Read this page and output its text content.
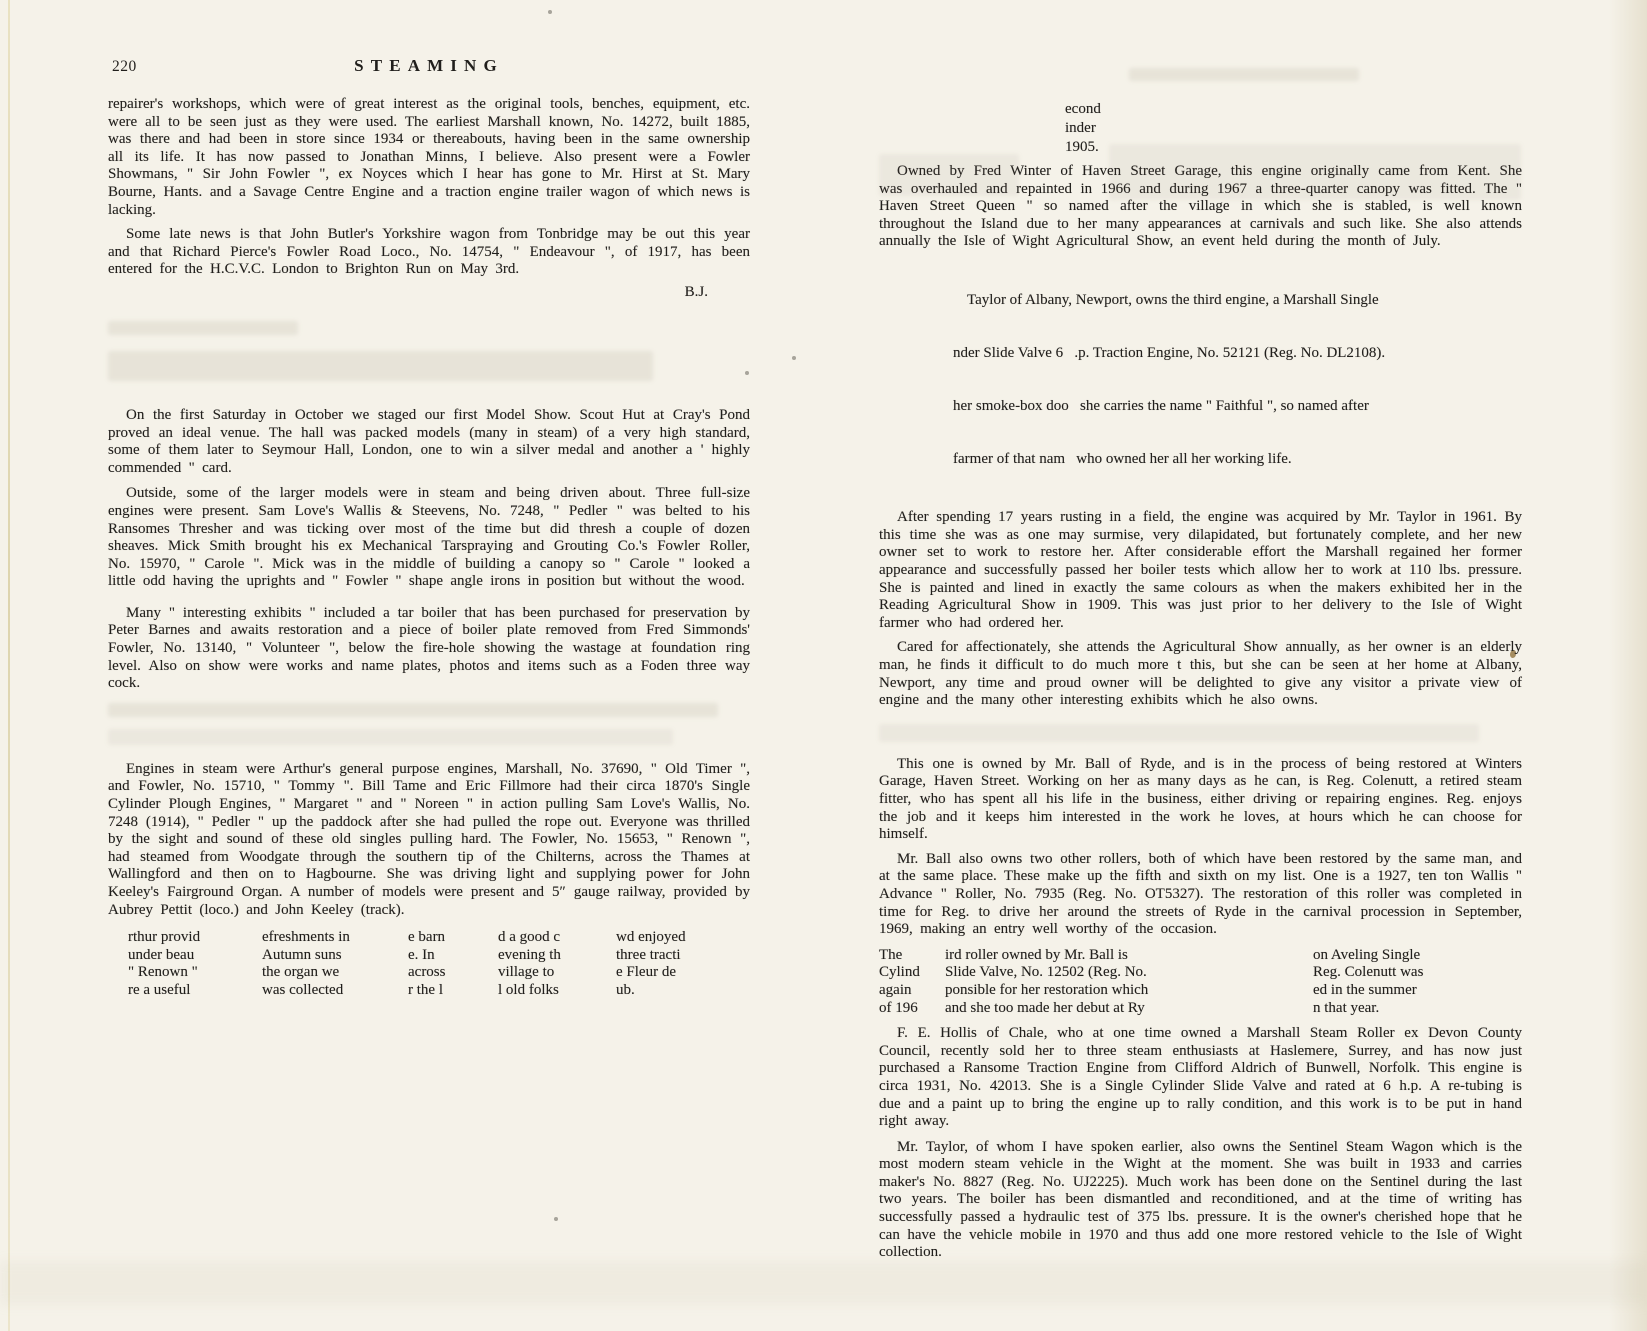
220	STEAMING

repairer's workshops, which were of great interest as the original tools, benches, equipment, etc. were all to be seen just as they were used. The earliest Marshall known, No. 14272, built 1885, was there and had been in store since 1934 or thereabouts, having been in the same ownership all its life. It has now passed to Jonathan Minns, I believe. Also present were a Fowler Showmans, " Sir John Fowler ", ex Noyces which I hear has gone to Mr. Hirst at St. Mary Bourne, Hants. and a Savage Centre Engine and a traction engine trailer wagon of which news is lacking.

Some late news is that John Butler's Yorkshire wagon from Tonbridge may be out this year and that Richard Pierce's Fowler Road Loco., No. 14754, " Endeavour ", of 1917, has been entered for the H.C.V.C. London to Brighton Run on May 3rd.

B.J.

On the first Saturday in October we staged our first Model Show. Scout Hut at Cray's Pond proved an ideal venue. The hall was packed models (many in steam) of a very high standard, some of them later to Seymour Hall, London, one to win a silver medal and another a ' highly commended " card.

Outside, some of the larger models were in steam and being driven about. Three full-size engines were present. Sam Love's Wallis & Steevens, No. 7248, " Pedler " was belted to his Ransomes Thresher and was ticking over most of the time but did thresh a couple of dozen sheaves. Mick Smith brought his ex Mechanical Tarspraying and Grouting Co.'s Fowler Roller, No. 15970, " Carole ". Mick was in the middle of building a canopy so " Carole " looked a little odd having the uprights and " Fowler " shape angle irons in position but without the wood.

Many " interesting exhibits " included a tar boiler that has been purchased for preservation by Peter Barnes and awaits restoration and a piece of boiler plate removed from Fred Simmonds' Fowler, No. 13140, " Volunteer ", below the fire-hole showing the wastage at foundation ring level. Also on show were works and name plates, photos and items such as a Foden three way cock.

Engines in steam were Arthur's general purpose engines, Marshall, No. 37690, " Old Timer ", and Fowler, No. 15710, " Tommy ". Bill Tame and Eric Fillmore had their circa 1870's Single Cylinder Plough Engines, " Margaret " and " Noreen " in action pulling Sam Love's Wallis, No. 7248 (1914), " Pedler " up the paddock after she had pulled the rope out. Everyone was thrilled by the sight and sound of these old singles pulling hard. The Fowler, No. 15653, " Renown ", had steamed from Woodgate through the southern tip of the Chilterns, across the Thames at Wallingford and then on to Hagbourne. She was driving light and supplying power for John Keeley's Fairground Organ. A number of models were present and 5″ gauge railway, provided by Aubrey Pettit (loco.) and John Keeley (track).

rthur provid	efreshments in	e barn	d a good c	wd enjoyed
under beau	Autumn suns	e. In	evening th	three tracti
" Renown "	the organ we	across	village to	e Fleur de
re a useful	was collected	r the l	l old folks	ub.
econd
inder
1905.

Owned by Fred Winter of Haven Street Garage, this engine originally came from Kent. She was overhauled and repainted in 1966 and during 1967 a three-quarter canopy was fitted. The " Haven Street Queen " so named after the village in which she is stabled, is well known throughout the Island due to her many appearances at carnivals and such like. She also attends annually the Isle of Wight Agricultural Show, an event held during the month of July.

Taylor of Albany, Newport, owns the third engine, a Marshall Single

nder Slide Valve 6   .p. Traction Engine, No. 52121 (Reg. No. DL2108).

her smoke-box doo   she carries the name " Faithful ", so named after

farmer of that nam   who owned her all her working life.

After spending 17 years rusting in a field, the engine was acquired by Mr. Taylor in 1961. By this time she was as one may surmise, very dilapidated, but fortunately complete, and her new owner set to work to restore her. After considerable effort the Marshall regained her former appearance and successfully passed her boiler tests which allow her to work at 110 lbs. pressure. She is painted and lined in exactly the same colours as when the makers exhibited her in the Reading Agricultural Show in 1909. This was just prior to her delivery to the Isle of Wight farmer who had ordered her.

Cared for affectionately, she attends the Agricultural Show annually, as her owner is an elderly man, he finds it difficult to do much more t this, but she can be seen at her home at Albany, Newport, any time and proud owner will be delighted to give any visitor a private view of engine and the many other interesting exhibits which he also owns.

This one is owned by Mr. Ball of Ryde, and is in the process of being restored at Winters Garage, Haven Street. Working on her as many days as he can, is Reg. Colenutt, a retired steam fitter, who has spent all his life in the business, either driving or repairing engines. Reg. enjoys the job and it keeps him interested in the work he loves, at hours which he can choose for himself.

Mr. Ball also owns two other rollers, both of which have been restored by the same man, and at the same place. These make up the fifth and sixth on my list. One is a 1927, ten ton Wallis " Advance " Roller, No. 7935 (Reg. No. OT5327). The restoration of this roller was completed in time for Reg. to drive her around the streets of Ryde in the carnival procession in September, 1969, making an entry well worthy of the occasion.

The	ird roller owned by Mr. Ball is	on Aveling Single
Cylind	Slide Valve, No. 12502 (Reg. No.	Reg. Colenutt was
again	ponsible for her restoration which	ed in the summer
of 196	and she too made her debut at Ry	n that year.

F. E. Hollis of Chale, who at one time owned a Marshall Steam Roller ex Devon County Council, recently sold her to three steam enthusiasts at Haslemere, Surrey, and has now just purchased a Ransome Traction Engine from Clifford Aldrich of Bunwell, Norfolk. This engine is circa 1931, No. 42013. She is a Single Cylinder Slide Valve and rated at 6 h.p. A re-tubing is due and a paint up to bring the engine up to rally condition, and this work is to be put in hand right away.

Mr. Taylor, of whom I have spoken earlier, also owns the Sentinel Steam Wagon which is the most modern steam vehicle in the Wight at the moment. She was built in 1933 and carries maker's No. 8827 (Reg. No. UJ2225). Much work has been done on the Sentinel during the last two years. The boiler has been dismantled and reconditioned, and at the time of writing has successfully passed a hydraulic test of 375 lbs. pressure. It is the owner's cherished hope that he can have the vehicle mobile in 1970 and thus add one more restored vehicle to the Isle of Wight collection.
